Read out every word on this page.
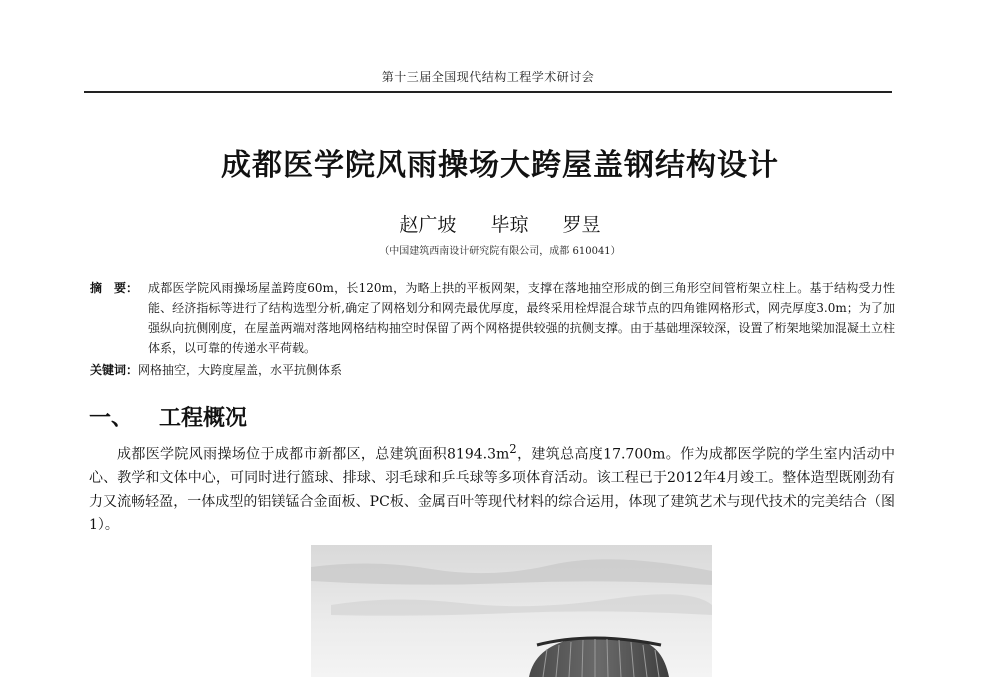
第十三届全国现代结构工程学术研讨会
成都医学院风雨操场大跨屋盖钢结构设计
赵广坡 毕琼 罗昱
（中国建筑西南设计研究院有限公司，成都 610041）
摘　要： 成都医学院风雨操场屋盖跨度60m，长120m，为略上拱的平板网架，支撑在落地抽空形成的倒三角形空间管桁架立柱上。基于结构受力性能、经济指标等进行了结构选型分析,确定了网格划分和网壳最优厚度，最终采用栓焊混合球节点的四角锥网格形式，网壳厚度3.0m；为了加强纵向抗侧刚度，在屋盖两端对落地网格结构抽空时保留了两个网格提供较强的抗侧支撑。由于基础埋深较深，设置了桁架地梁加混凝土立柱体系，以可靠的传递水平荷载。
关键词：网格抽空，大跨度屋盖，水平抗侧体系
一、 工程概况
成都医学院风雨操场位于成都市新都区，总建筑面积$8194.3m^2$，建筑总高度17.700m。作为成都医学院的学生室内活动中心、教学和文体中心，可同时进行篮球、排球、羽毛球和乒乓球等多项体育活动。该工程已于2012年4月竣工。整体造型既刚劲有力又流畅轻盈，一体成型的铝镁锰合金面板、PC板、金属百叶等现代材料的综合运用，体现了建筑艺术与现代技术的完美结合（图1）。
